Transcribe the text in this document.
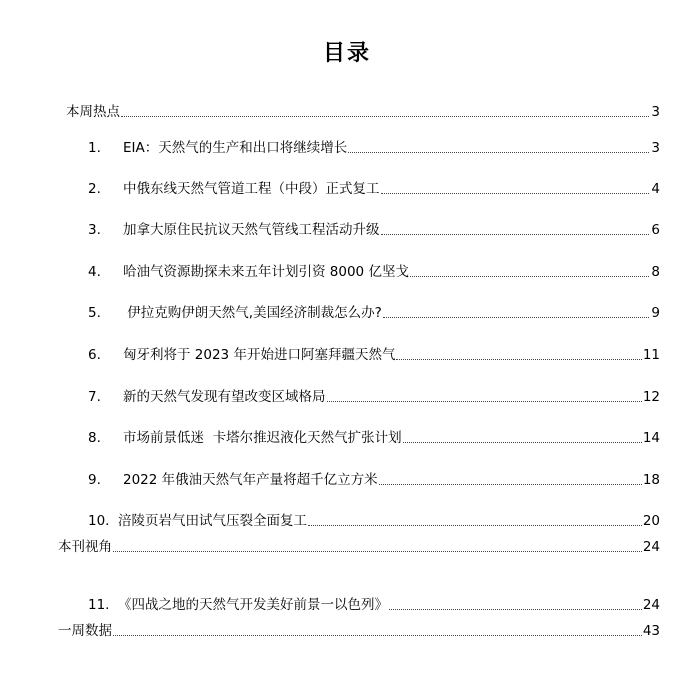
目录
本周热点	3
1.	EIA：天然气的生产和出口将继续增长	3
2.	中俄东线天然气管道工程（中段）正式复工	4
3.	加拿大原住民抗议天然气管线工程活动升级	6
4.	哈油气资源勘探未来五年计划引资 8000 亿坚戈	8
5.	伊拉克购伊朗天然气,美国经济制裁怎么办?	9
6.	匈牙利将于 2023 年开始进口阿塞拜疆天然气	11
7.	新的天然气发现有望改变区域格局	12
8.	市场前景低迷  卡塔尔推迟液化天然气扩张计划	14
9.	2022 年俄油天然气年产量将超千亿立方米	18
10. 涪陵页岩气田试气压裂全面复工	20
本刊视角	24
11. 《四战之地的天然气开发美好前景一以色列》	24
一周数据	43
